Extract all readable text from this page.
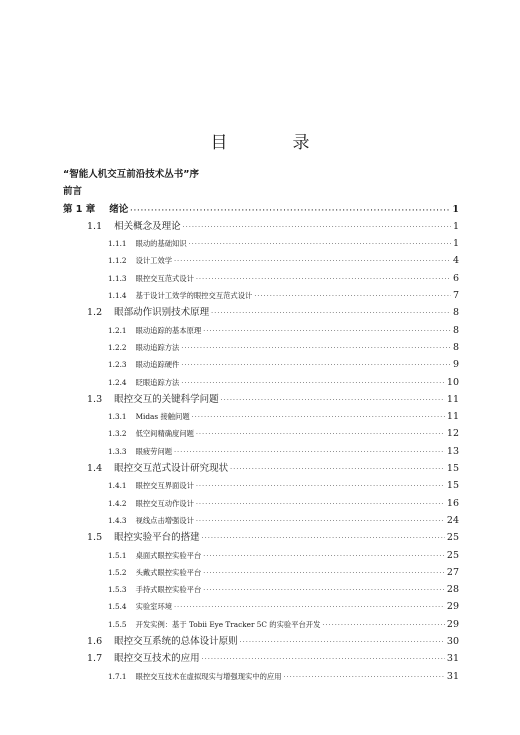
目　录
“智能人机交互前沿技术丛书”序
前言
第 1 章 绪论 ·····	1
1.1 相关概念及理论 ·····	1
1.1.1 眼动的基础知识 ·····	1
1.1.2 设计工效学 ·····	4
1.1.3 眼控交互范式设计 ·····	6
1.1.4 基于设计工效学的眼控交互范式设计 ·····	7
1.2 眼部动作识别技术原理 ·····	8
1.2.1 眼动追踪的基本原理 ·····	8
1.2.2 眼动追踪方法 ·····	8
1.2.3 眼动追踪硬件 ·····	9
1.2.4 眨眼追踪方法 ·····	10
1.3 眼控交互的关键科学问题 ·····	11
1.3.1 Midas 接触问题 ·····	11
1.3.2 低空间精确度问题 ·····	12
1.3.3 眼疲劳问题 ·····	13
1.4 眼控交互范式设计研究现状 ·····	15
1.4.1 眼控交互界面设计 ·····	15
1.4.2 眼控交互动作设计 ·····	16
1.4.3 视线点击增强设计 ·····	24
1.5 眼控实验平台的搭建 ·····	25
1.5.1 桌面式眼控实验平台 ·····	25
1.5.2 头戴式眼控实验平台 ·····	27
1.5.3 手持式眼控实验平台 ·····	28
1.5.4 实验室环境 ·····	29
1.5.5 开发实例：基于 Tobii Eye Tracker 5C 的实验平台开发 ·····	29
1.6 眼控交互系统的总体设计原则 ·····	30
1.7 眼控交互技术的应用 ·····	31
1.7.1 眼控交互技术在虚拟现实与增强现实中的应用 ·····	31
